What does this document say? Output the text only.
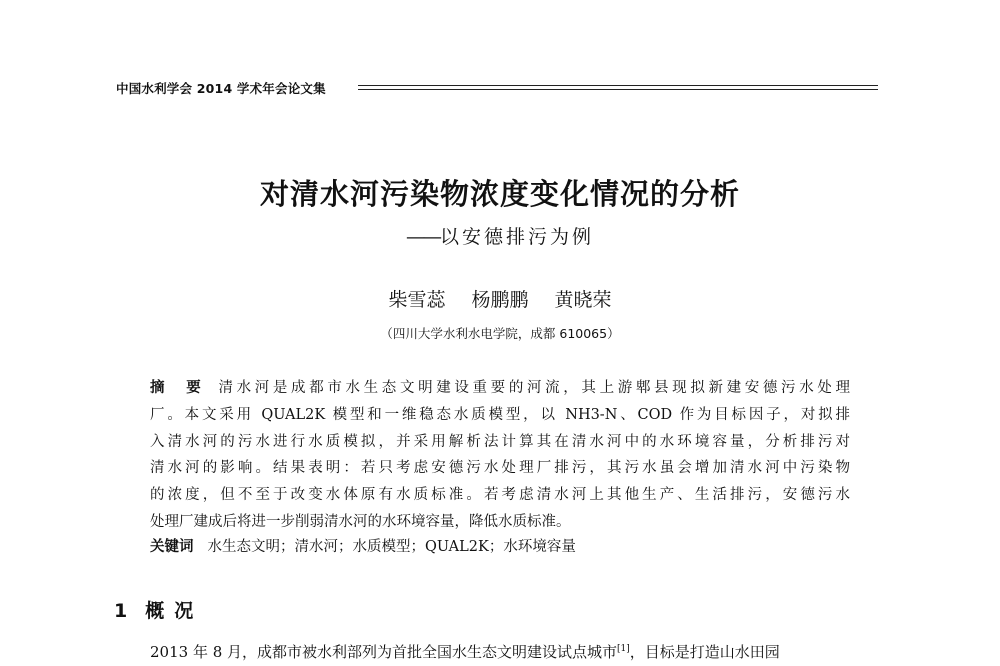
中国水利学会 2014 学术年会论文集
对清水河污染物浓度变化情况的分析
——以安德排污为例
柴雪蕊 杨鹏鹏 黄晓荣
（四川大学水利水电学院，成都 610065）
摘　要 清水河是成都市水生态文明建设重要的河流，其上游郫县现拟新建安德污水处理
厂。本文采用 QUAL2K 模型和一维稳态水质模型，以 NH3-N、COD 作为目标因子，对拟排
入清水河的污水进行水质模拟，并采用解析法计算其在清水河中的水环境容量，分析排污对
清水河的影响。结果表明：若只考虑安德污水处理厂排污，其污水虽会增加清水河中污染物
的浓度，但不至于改变水体原有水质标准。若考虑清水河上其他生产、生活排污，安德污水
处理厂建成后将进一步削弱清水河的水环境容量，降低水质标准。
关键词 水生态文明；清水河；水质模型；QUAL2K；水环境容量
1 概况
2013 年 8 月，成都市被水利部列为首批全国水生态文明建设试点城市[1]，目标是打造山水田园
